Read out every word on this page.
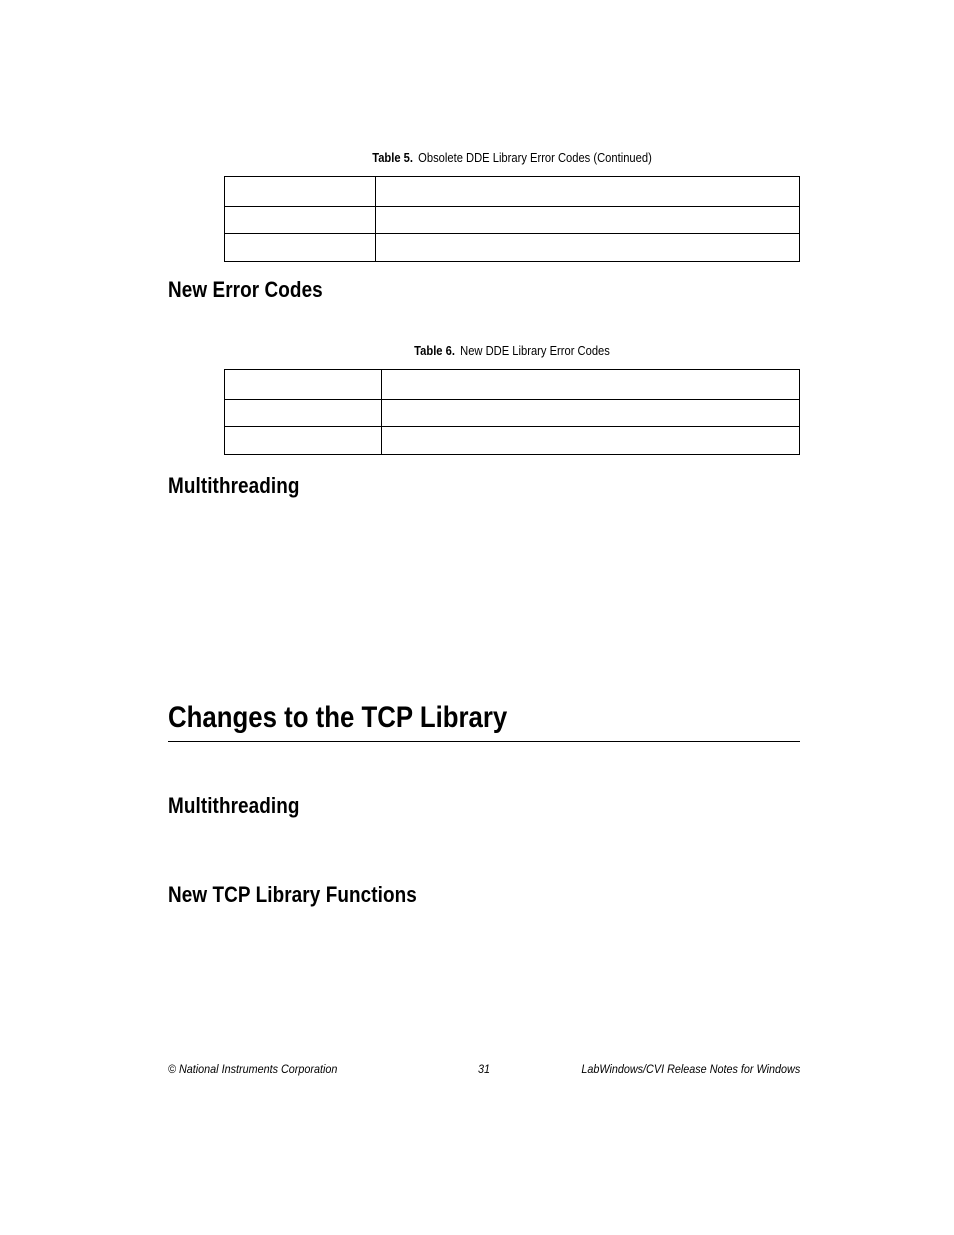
Table 5. Obsolete DDE Library Error Codes (Continued)

New Error Codes
Table 6. New DDE Library Error Codes

Multithreading
Changes to the TCP Library
Multithreading
New TCP Library Functions
© National Instruments Corporation	31	LabWindows/CVI Release Notes for Windows
